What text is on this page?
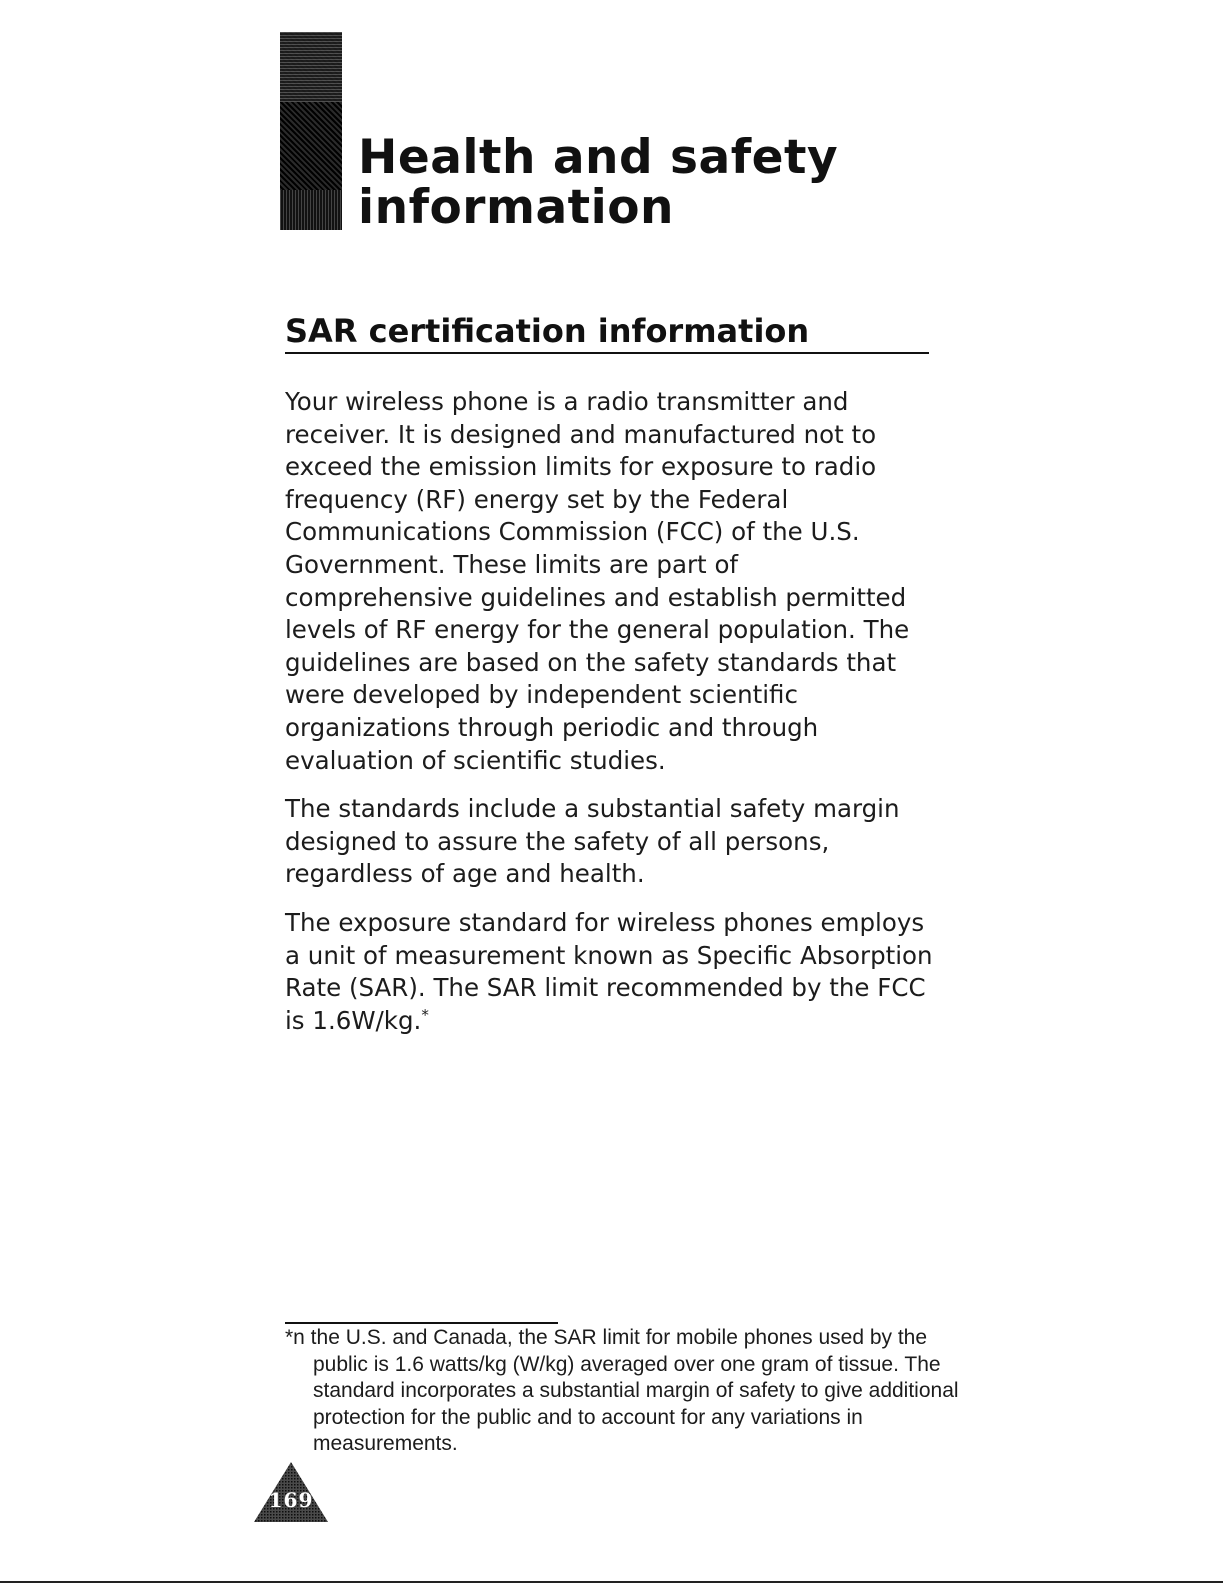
Health and safety
information
SAR certification information

Your wireless phone is a radio transmitter and receiver. It is designed and manufactured not to exceed the emission limits for exposure to radio frequency (RF) energy set by the Federal Communications Commission (FCC) of the U.S. Government. These limits are part of comprehensive guidelines and establish permitted levels of RF energy for the general population. The guidelines are based on the safety standards that were developed by independent scientific organizations through periodic and through evaluation of scientific studies.

The standards include a substantial safety margin designed to assure the safety of all persons, regardless of age and health.

The exposure standard for wireless phones employs a unit of measurement known as Specific Absorption Rate (SAR). The SAR limit recommended by the FCC is 1.6W/kg.*

*n the U.S. and Canada, the SAR limit for mobile phones used by the public is 1.6 watts/kg (W/kg) averaged over one gram of tissue. The standard incorporates a substantial margin of safety to give additional protection for the public and to account for any variations in measurements.

169
